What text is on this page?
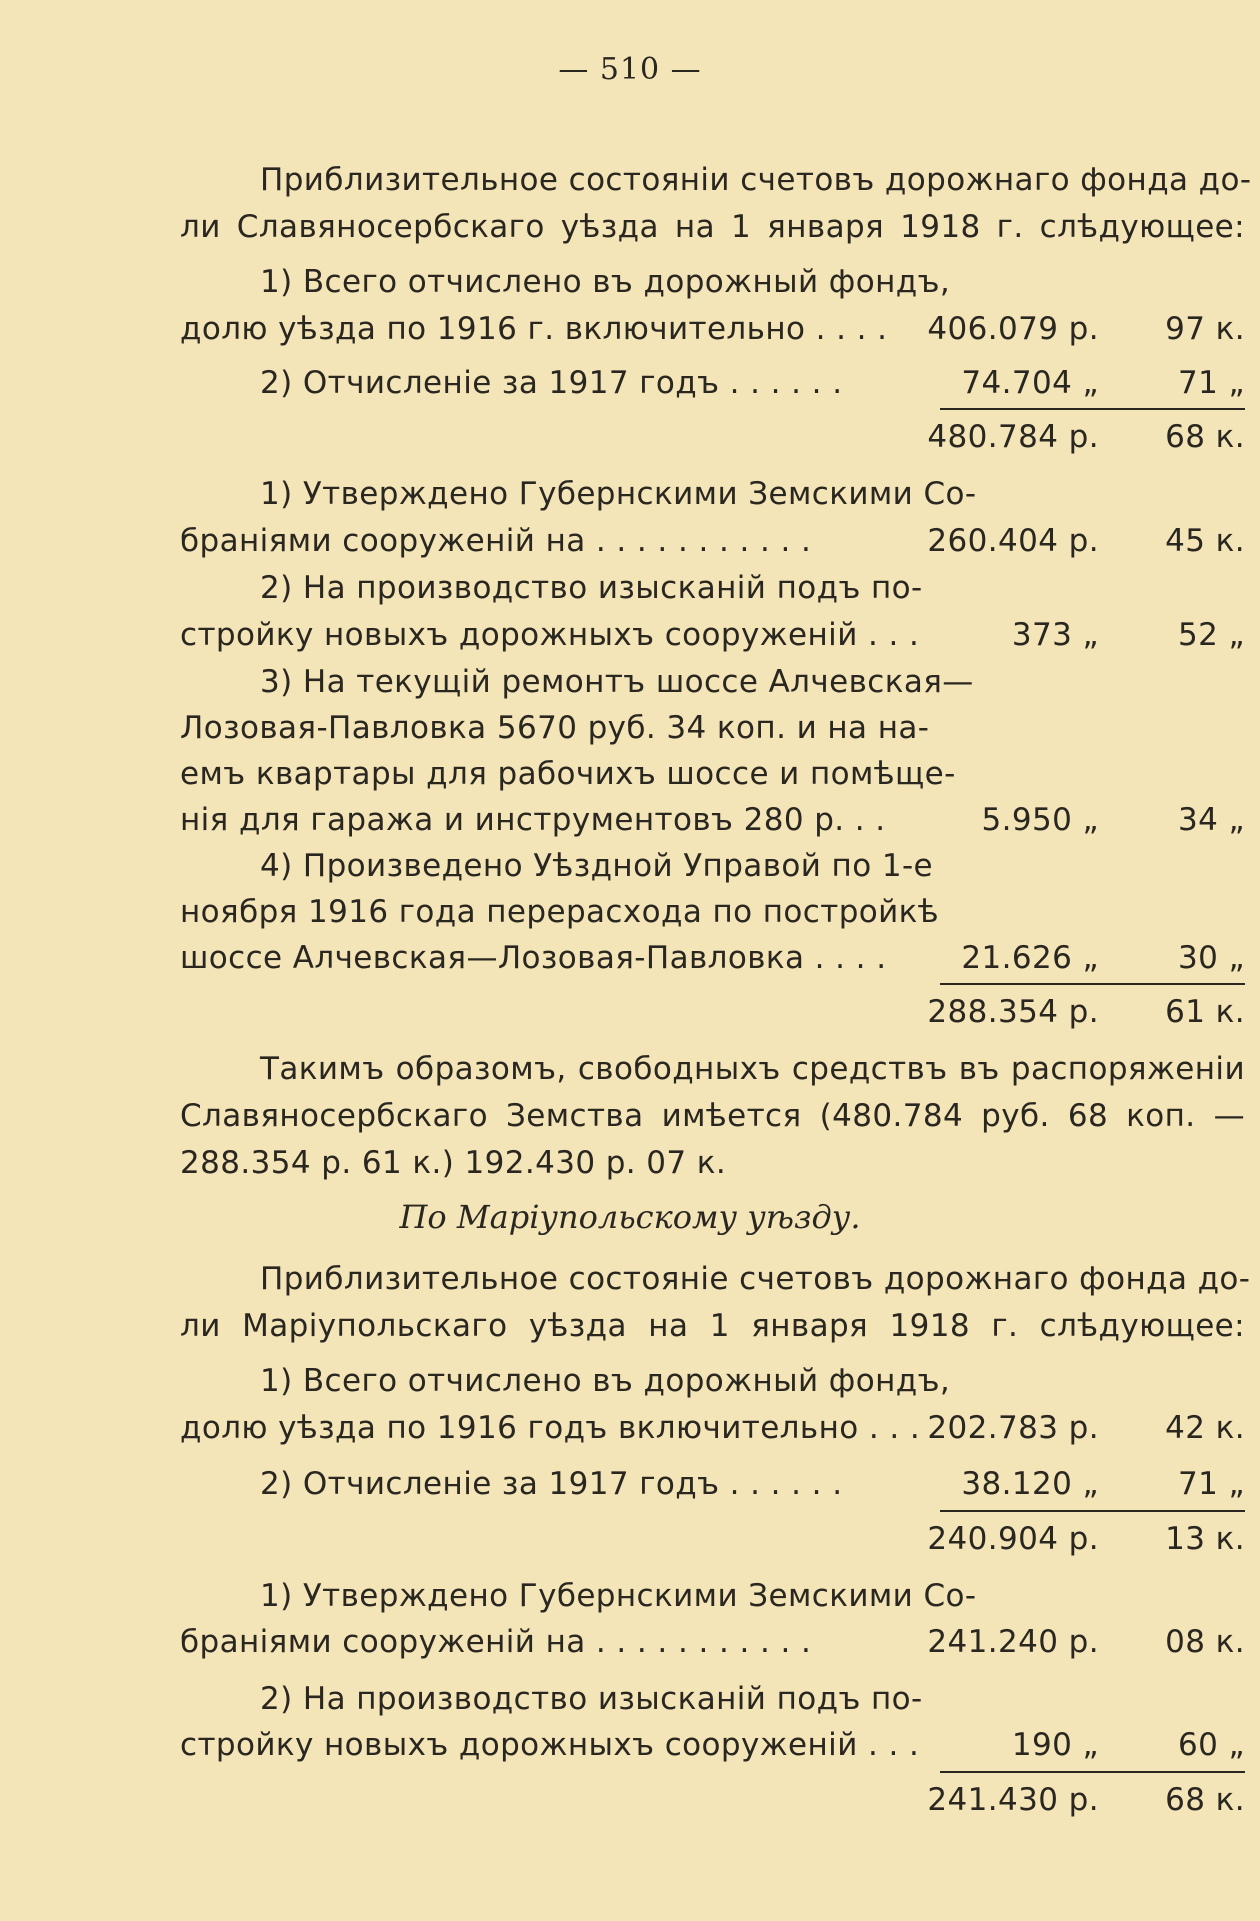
— 510 —
Приблизительное состоянiи счетовъ дорожнаго фонда до-
ли Славяносербскаго уѣзда на 1 января 1918 г. слѣдующее:
1) Всего отчислено въ дорожный фондъ,
долю уѣзда по 1916 г. включительно . . . . 406.079 р. 97 к.
2) Отчисленiе за 1917 годъ . . . . . .	74.704 „	71 „
480.784 р. 68 к.
1) Утверждено Губернскими Земскими Со-
бранiями сооруженiй на . . . . . . . . . . .	260.404 р. 45 к.
2) На производство изысканiй подъ по-
стройку новыхъ дорожныхъ сооруженiй . . .	373 „	52 „
3) На текущiй ремонтъ шоссе Алчевская—
Лозовая-Павловка 5670 руб. 34 коп. и на на-
емъ квартары для рабочихъ шоссе и помѣще-
нiя для гаража и инструментовъ 280 р. . .	5.950 „	34 „
4) Произведено Уѣздной Управой по 1-е
ноября 1916 года перерасхода по постройкѣ
шоссе Алчевская—Лозовая-Павловка . . . . 21.626 „	30 „
288.354 р. 61 к.
Такимъ образомъ, свободныхъ средствъ въ распоряженiи
Славяносербскаго Земства имѣется (480.784 руб. 68 коп. —
288.354 р. 61 к.) 192.430 р. 07 к.
По Марiупольскому уѣзду.
Приблизительное состоянiе счетовъ дорожнаго фонда до-
ли Марiупольскаго уѣзда на 1 января 1918 г. слѣдующее:
1) Всего отчислено въ дорожный фондъ,
долю уѣзда по 1916 годъ включительно . . . 202.783 р. 42 к.
2) Отчисленiе за 1917 годъ . . . . . .	38.120 „	71 „
240.904 р. 13 к.
1) Утверждено Губернскими Земскими Со-
бранiями сооруженiй на . . . . . . . . . . .	241.240 р. 08 к.
2) На производство изысканiй подъ по-
стройку новыхъ дорожныхъ сооруженiй . . .	190 „	60 „
241.430 р. 68 к.
